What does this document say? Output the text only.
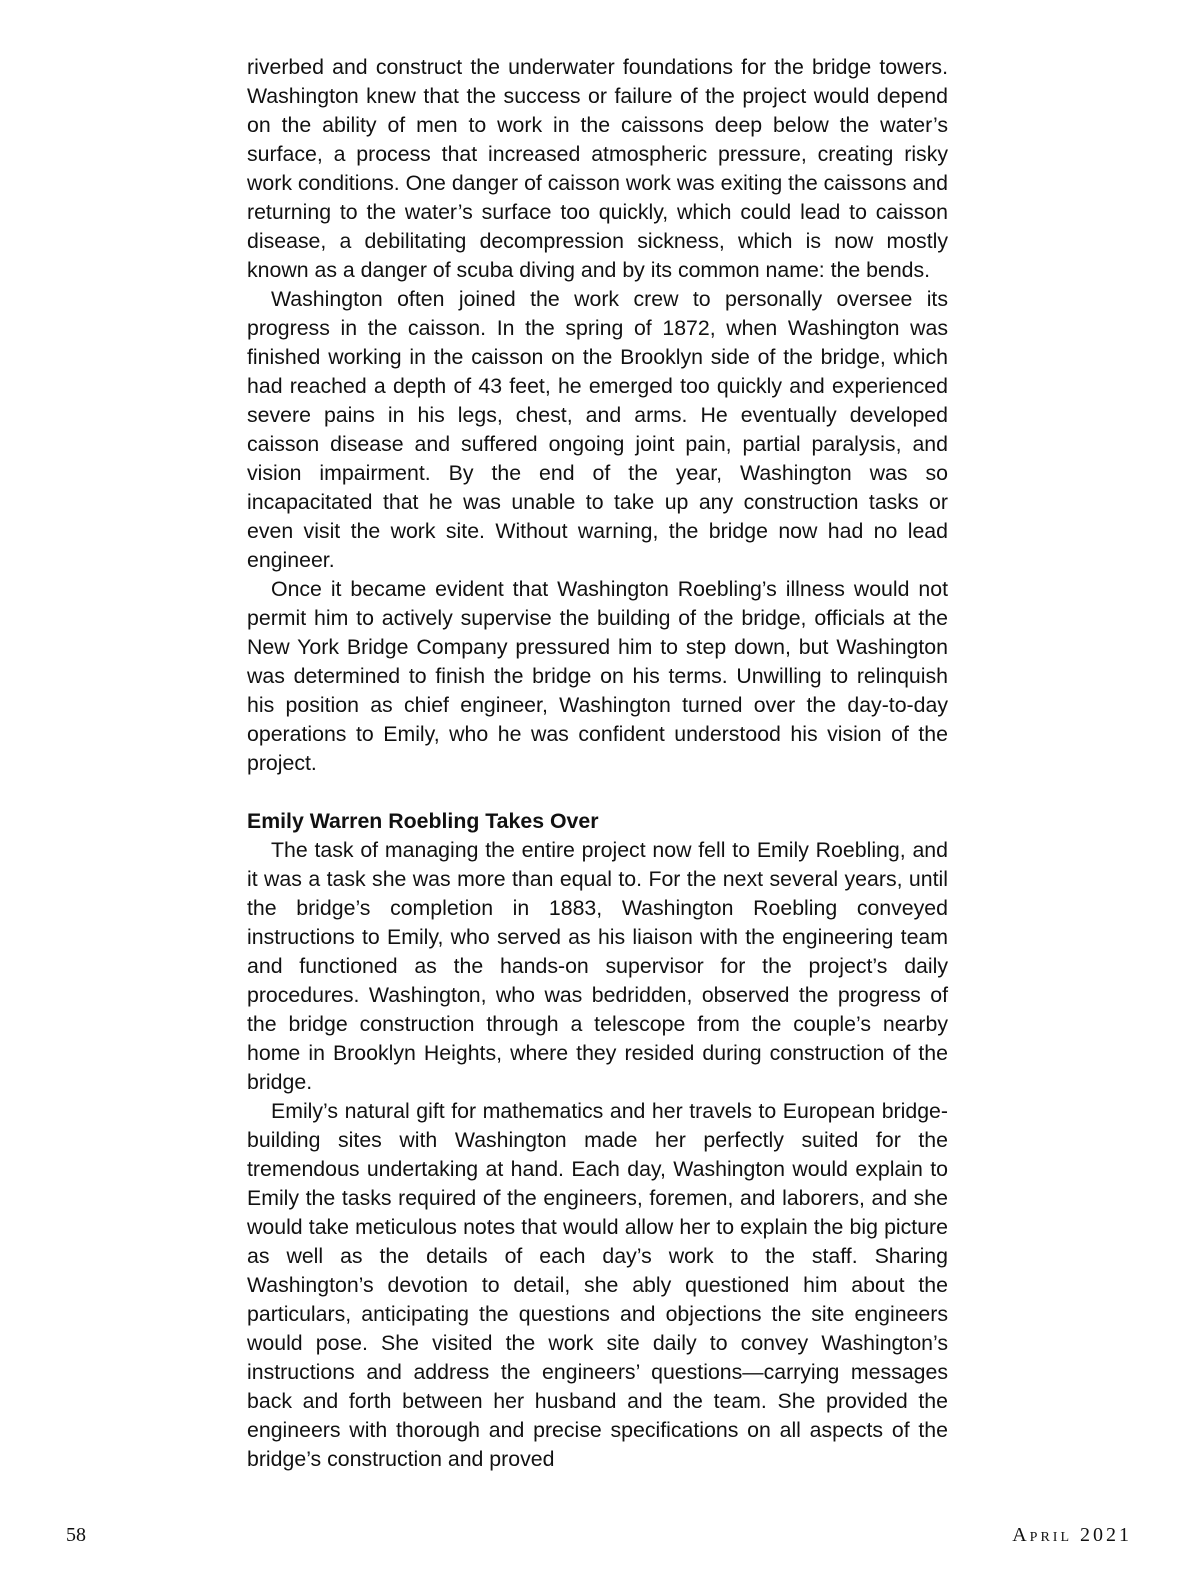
riverbed and construct the underwater foundations for the bridge towers. Washington knew that the success or failure of the project would depend on the ability of men to work in the caissons deep below the water’s surface, a process that increased atmospheric pressure, creating risky work conditions. One danger of caisson work was exiting the caissons and returning to the water’s surface too quickly, which could lead to caisson disease, a debilitating decompression sickness, which is now mostly known as a danger of scuba diving and by its common name: the bends.

Washington often joined the work crew to personally oversee its progress in the caisson. In the spring of 1872, when Washington was finished working in the caisson on the Brooklyn side of the bridge, which had reached a depth of 43 feet, he emerged too quickly and experienced severe pains in his legs, chest, and arms. He eventually developed caisson disease and suffered ongoing joint pain, partial paralysis, and vision impairment. By the end of the year, Washington was so incapacitated that he was unable to take up any construction tasks or even visit the work site. Without warning, the bridge now had no lead engineer.

Once it became evident that Washington Roebling’s illness would not permit him to actively supervise the building of the bridge, officials at the New York Bridge Company pressured him to step down, but Washington was determined to finish the bridge on his terms. Unwilling to relinquish his position as chief engineer, Washington turned over the day-to-day operations to Emily, who he was confident understood his vision of the project.

Emily Warren Roebling Takes Over

The task of managing the entire project now fell to Emily Roebling, and it was a task she was more than equal to. For the next several years, until the bridge’s completion in 1883, Washington Roebling conveyed instructions to Emily, who served as his liaison with the engineering team and functioned as the hands-on supervisor for the project’s daily procedures. Washington, who was bedridden, observed the progress of the bridge construction through a telescope from the couple’s nearby home in Brooklyn Heights, where they resided during construction of the bridge.

Emily’s natural gift for mathematics and her travels to European bridge-building sites with Washington made her perfectly suited for the tremendous undertaking at hand. Each day, Washington would explain to Emily the tasks required of the engineers, foremen, and laborers, and she would take meticulous notes that would allow her to explain the big picture as well as the details of each day’s work to the staff. Sharing Washington’s devotion to detail, she ably questioned him about the particulars, anticipating the questions and objections the site engineers would pose. She visited the work site daily to convey Washington’s instructions and address the engineers’ questions—carrying messages back and forth between her husband and the team. She provided the engineers with thorough and precise specifications on all aspects of the bridge’s construction and proved

58	April 2021
